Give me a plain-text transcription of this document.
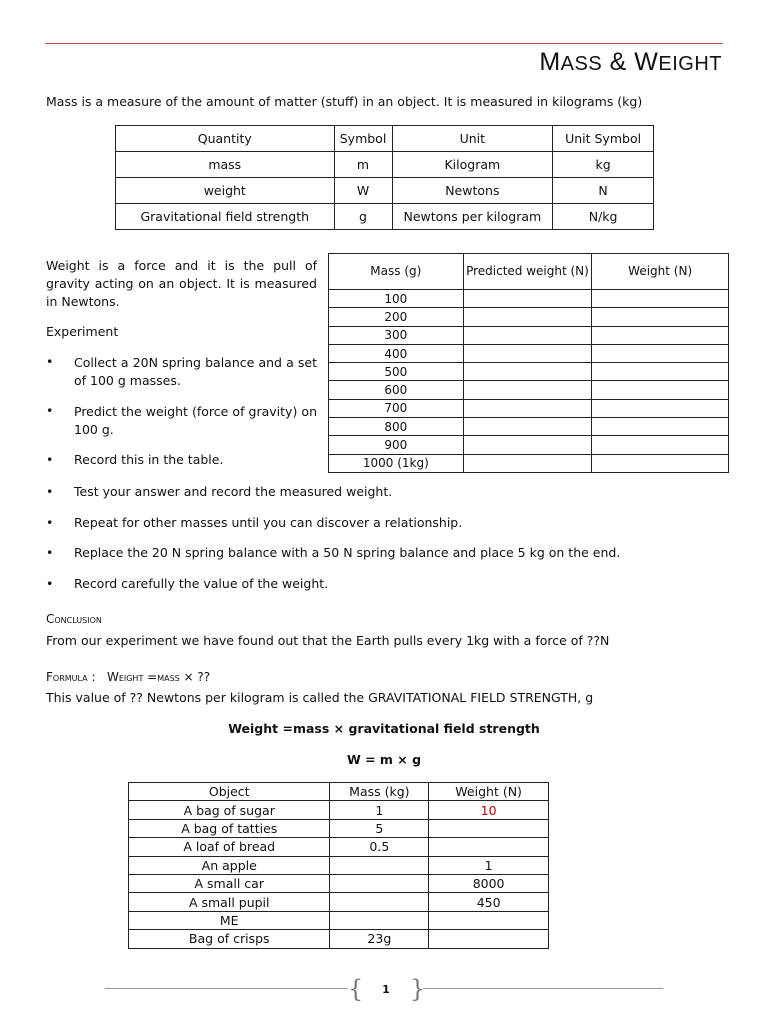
MASS & WEIGHT
Mass is a measure of the amount of matter (stuff) in an object. It is measured in kilograms (kg)
Quantity	Symbol	Unit	Unit Symbol
mass	m	Kilogram	kg
weight	W	Newtons	N
Gravitational field strength	g	Newtons per kilogram	N/kg
Weight is a force and it is the pull of gravity acting on an object. It is measured in Newtons.
Experiment
• Collect a 20N spring balance and a set of 100 g masses.
• Predict the weight (force of gravity) on 100 g.
• Record this in the table.
• Test your answer and record the measured weight.
• Repeat for other masses until you can discover a relationship.
• Replace the 20 N spring balance with a 50 N spring balance and place 5 kg on the end.
• Record carefully the value of the weight.
Mass (g)	Predicted weight (N)	Weight (N)
100		
200		
300		
400		
500		
600		
700		
800		
900		
1000 (1kg)		
Conclusion
From our experiment we have found out that the Earth pulls every 1kg with a force of ??N
Formula : Weight =mass × ??
This value of ?? Newtons per kilogram is called the GRAVITATIONAL FIELD STRENGTH, g
Weight =mass × gravitational field strength
W = m × g
Object	Mass (kg)	Weight (N)
A bag of sugar	1	10
A bag of tatties	5	
A loaf of bread	0.5	
An apple		1
A small car		8000
A small pupil		450
ME		
Bag of crisps	23g	
{ }
1
